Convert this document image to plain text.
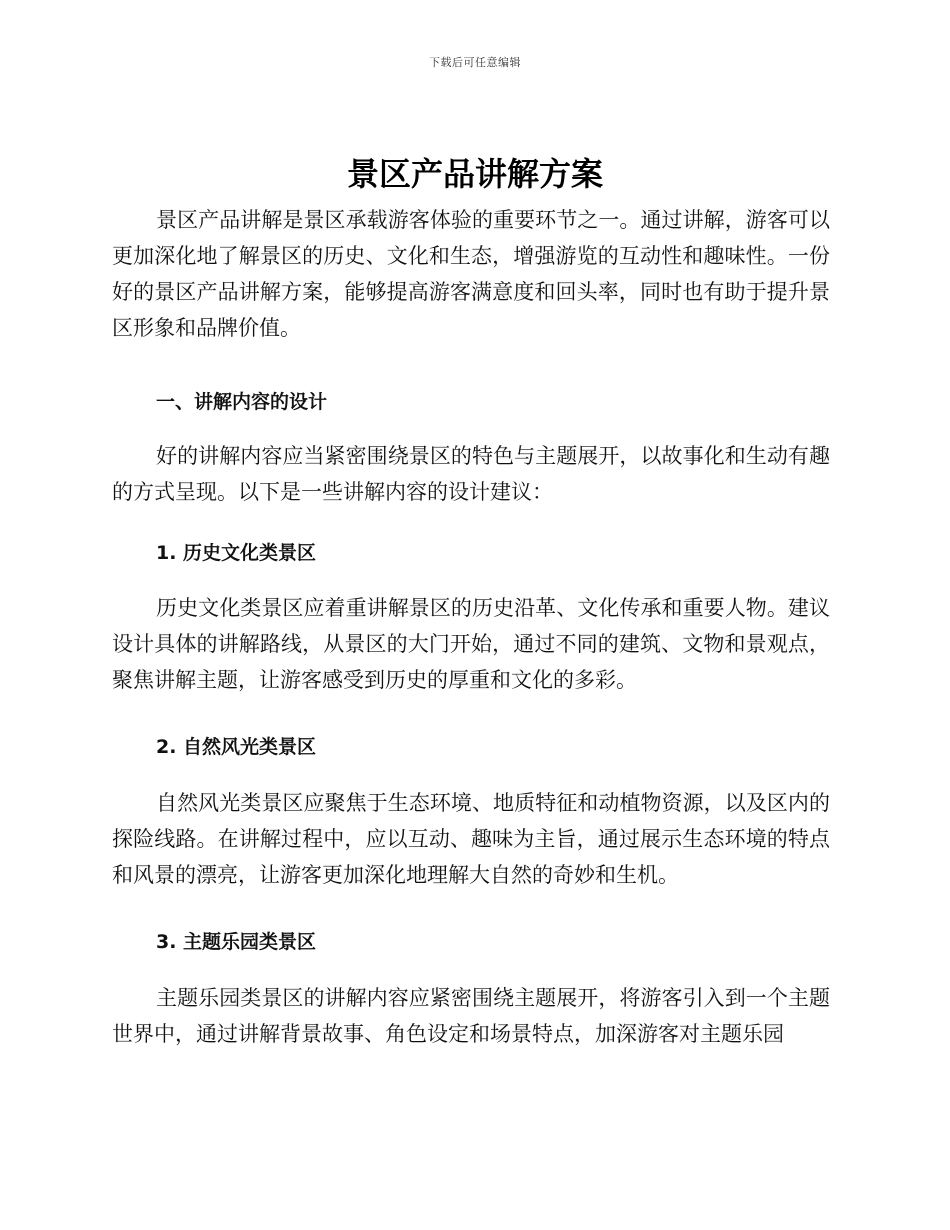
下载后可任意编辑
景区产品讲解方案

景区产品讲解是景区承载游客体验的重要环节之一。通过讲解，游客可以更加深化地了解景区的历史、文化和生态，增强游览的互动性和趣味性。一份好的景区产品讲解方案，能够提高游客满意度和回头率，同时也有助于提升景区形象和品牌价值。

一、讲解内容的设计

好的讲解内容应当紧密围绕景区的特色与主题展开，以故事化和生动有趣的方式呈现。以下是一些讲解内容的设计建议：

1. 历史文化类景区

历史文化类景区应着重讲解景区的历史沿革、文化传承和重要人物。建议设计具体的讲解路线，从景区的大门开始，通过不同的建筑、文物和景观点，聚焦讲解主题，让游客感受到历史的厚重和文化的多彩。

2. 自然风光类景区

自然风光类景区应聚焦于生态环境、地质特征和动植物资源，以及区内的探险线路。在讲解过程中，应以互动、趣味为主旨，通过展示生态环境的特点和风景的漂亮，让游客更加深化地理解大自然的奇妙和生机。

3. 主题乐园类景区

主题乐园类景区的讲解内容应紧密围绕主题展开，将游客引入到一个主题世界中，通过讲解背景故事、角色设定和场景特点，加深游客对主题乐园
